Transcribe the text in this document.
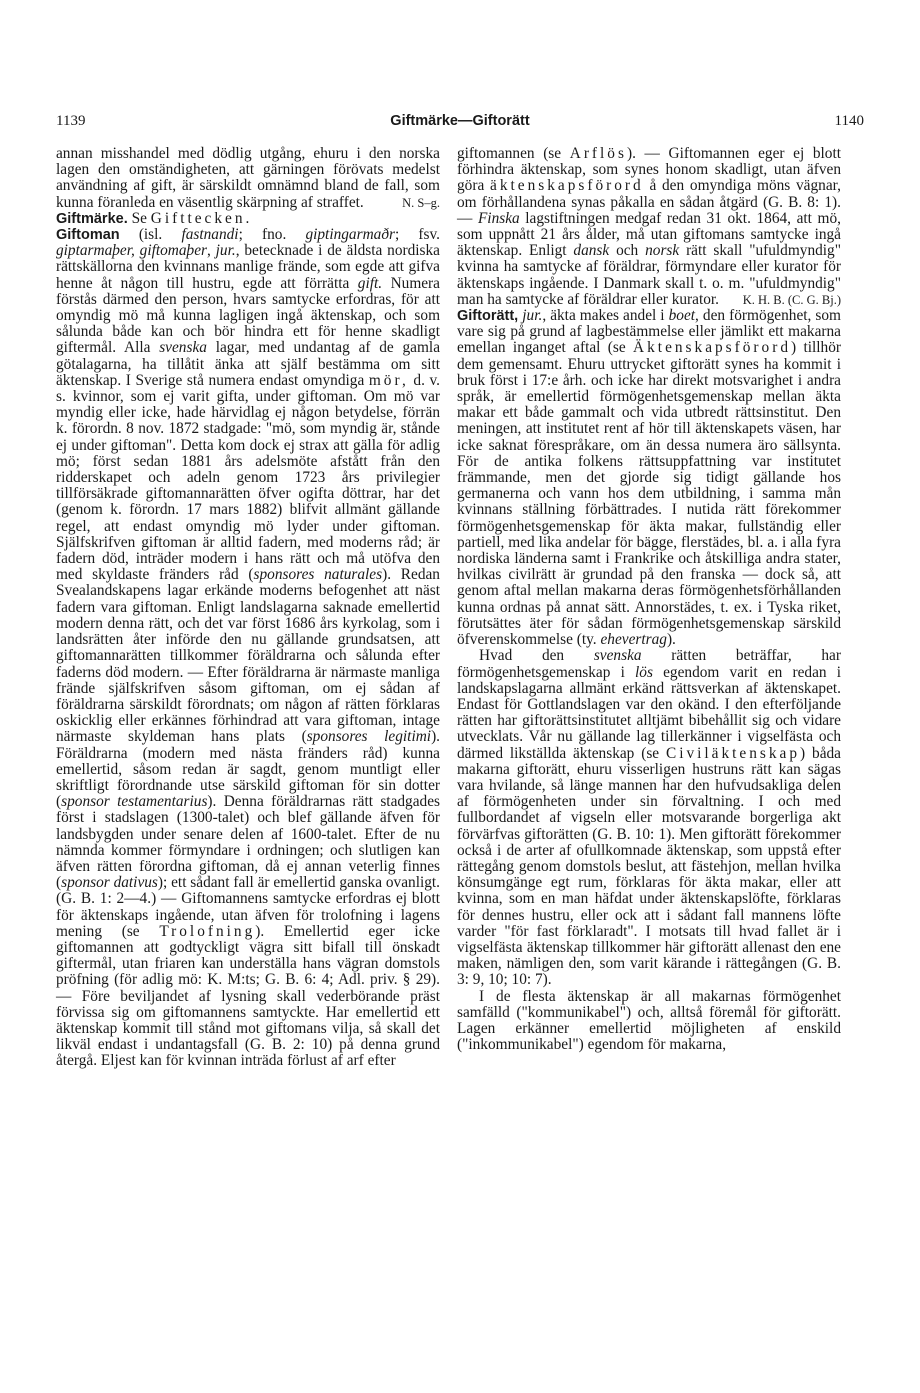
1139	Giftmärke—Giftorätt	1140

annan misshandel med dödlig utgång, ehuru i den norska lagen den omständigheten, att gärningen förövats medelst användning af gift, är särskildt omnämnd bland de fall, som kunna föranleda en väsentlig skärpning af straffet.	N. S–g.

Giftmärke. Se Gifttecken.

Giftoman (isl. fastnandi; fno. giptingarmaðr; fsv. giptarmaþer, giftomaþer, jur., betecknade i de äldsta nordiska rättskällorna den kvinnans manlige frände, som egde att gifva henne åt någon till hustru, egde att förrätta gift. Numera förstås därmed den person, hvars samtycke erfordras, för att omyndig mö må kunna lagligen ingå äktenskap, och som sålunda både kan och bör hindra ett för henne skadligt giftermål. Alla svenska lagar, med undantag af de gamla götalagarna, ha tillåtit änka att själf bestämma om sitt äktenskap. I Sverige stå numera endast omyndiga mör, d. v. s. kvinnor, som ej varit gifta, under giftoman. Om mö var myndig eller icke, hade härvidlag ej någon betydelse, förrän k. förordn. 8 nov. 1872 stadgade: "mö, som myndig är, stånde ej under giftoman". Detta kom dock ej strax att gälla för adlig mö; först sedan 1881 års adelsmöte afstått från den ridderskapet och adeln genom 1723 års privilegier tillförsäkrade giftomannarätten öfver ogifta döttrar, har det (genom k. förordn. 17 mars 1882) blifvit allmänt gällande regel, att endast omyndig mö lyder under giftoman. Själfskrifven giftoman är alltid fadern, med moderns råd; är fadern död, inträder modern i hans rätt och må utöfva den med skyldaste fränders råd (sponsores naturales). Redan Svealandskapens lagar erkände moderns befogenhet att näst fadern vara giftoman. Enligt landslagarna saknade emellertid modern denna rätt, och det var först 1686 års kyrkolag, som i landsrätten åter införde den nu gällande grundsatsen, att giftomannarätten tillkommer föräldrarna och sålunda efter faderns död modern. — Efter föräldrarna är närmaste manliga frände själfskrifven såsom giftoman, om ej sådan af föräldrarna särskildt förordnats; om någon af rätten förklaras oskicklig eller erkännes förhindrad att vara giftoman, intage närmaste skyldeman hans plats (sponsores legitimi). Föräldrarna (modern med nästa fränders råd) kunna emellertid, såsom redan är sagdt, genom muntligt eller skriftligt förordnande utse särskild giftoman för sin dotter (sponsor testamentarius). Denna föräldrarnas rätt stadgades först i stadslagen (1300-talet) och blef gällande äfven för landsbygden under senare delen af 1600-talet. Efter de nu nämnda kommer förmyndare i ordningen; och slutligen kan äfven rätten förordna giftoman, då ej annan veterlig finnes (sponsor dativus); ett sådant fall är emellertid ganska ovanligt. (G. B. 1: 2—4.) — Giftomannens samtycke erfordras ej blott för äktenskaps ingående, utan äfven för trolofning i lagens mening (se Trolofning). Emellertid eger icke giftomannen att godtyckligt vägra sitt bifall till önskadt giftermål, utan friaren kan underställa hans vägran domstols pröfning (för adlig mö: K. M:ts; G. B. 6: 4; Adl. priv. § 29). — Före beviljandet af lysning skall vederbörande präst förvissa sig om giftomannens samtyckte. Har emellertid ett äktenskap kommit till stånd mot giftomans vilja, så skall det likväl endast i undantagsfall (G. B. 2: 10) på denna grund återgå. Eljest kan för kvinnan inträda förlust af arf efter

giftomannen (se Arflös). — Giftomannen eger ej blott förhindra äktenskap, som synes honom skadligt, utan äfven göra äktenskapsförord å den omyndiga möns vägnar, om förhållandena synas påkalla en sådan åtgärd (G. B. 8: 1). — Finska lagstiftningen medgaf redan 31 okt. 1864, att mö, som uppnått 21 års ålder, må utan giftomans samtycke ingå äktenskap. Enligt dansk och norsk rätt skall "ufuldmyndig" kvinna ha samtycke af föräldrar, förmyndare eller kurator för äktenskaps ingående. I Danmark skall t. o. m. "ufuldmyndig" man ha samtycke af föräldrar eller kurator. K. H. B. (C. G. Bj.)

Giftorätt, jur., äkta makes andel i boet, den förmögenhet, som vare sig på grund af lagbestämmelse eller jämlikt ett makarna emellan inganget aftal (se Äktenskapsförord) tillhör dem gemensamt. Ehuru uttrycket giftorätt synes ha kommit i bruk först i 17:e årh. och icke har direkt motsvarighet i andra språk, är emellertid förmögenhetsgemenskap mellan äkta makar ett både gammalt och vida utbredt rättsinstitut. Den meningen, att institutet rent af hör till äktenskapets väsen, har icke saknat förespråkare, om än dessa numera äro sällsynta. För de antika folkens rättsuppfattning var institutet främmande, men det gjorde sig tidigt gällande hos germanerna och vann hos dem utbildning, i samma mån kvinnans ställning förbättrades. I nutida rätt förekommer förmögenhetsgemenskap för äkta makar, fullständig eller partiell, med lika andelar för bägge, flerstädes, bl. a. i alla fyra nordiska länderna samt i Frankrike och åtskilliga andra stater, hvilkas civilrätt är grundad på den franska — dock så, att genom aftal mellan makarna deras förmögenhetsförhållanden kunna ordnas på annat sätt. Annorstädes, t. ex. i Tyska riket, förutsättes äter för sådan förmögenhetsgemenskap särskild öfverenskommelse (ty. ehevertrag).

Hvad den svenska rätten beträffar, har förmögenhetsgemenskap i lös egendom varit en redan i landskapslagarna allmänt erkänd rättsverkan af äktenskapet. Endast för Gottlandslagen var den okänd. I den efterföljande rätten har giftorättsinstitutet alltjämt bibehållit sig och vidare utvecklats. Vår nu gällande lag tillerkänner i vigselfästa och därmed likställda äktenskap (se Civiläktenskap) båda makarna giftorätt, ehuru visserligen hustruns rätt kan sägas vara hvilande, så länge mannen har den hufvudsakliga delen af förmögenheten under sin förvaltning. I och med fullbordandet af vigseln eller motsvarande borgerliga akt förvärfvas giftorätten (G. B. 10: 1). Men giftorätt förekommer också i de arter af ofullkomnade äktenskap, som uppstå efter rättegång genom domstols beslut, att fästehjon, mellan hvilka könsumgänge egt rum, förklaras för äkta makar, eller att kvinna, som en man häfdat under äktenskapslöfte, förklaras för dennes hustru, eller ock att i sådant fall mannens löfte varder "för fast förklaradt". I motsats till hvad fallet är i vigselfästa äktenskap tillkommer här giftorätt allenast den ene maken, nämligen den, som varit kärande i rättegången (G. B. 3: 9, 10; 10: 7).

I de flesta äktenskap är all makarnas förmögenhet samfälld ("kommunikabel") och, alltså föremål för giftorätt. Lagen erkänner emellertid möjligheten af enskild ("inkommunikabel") egendom för makarna,
